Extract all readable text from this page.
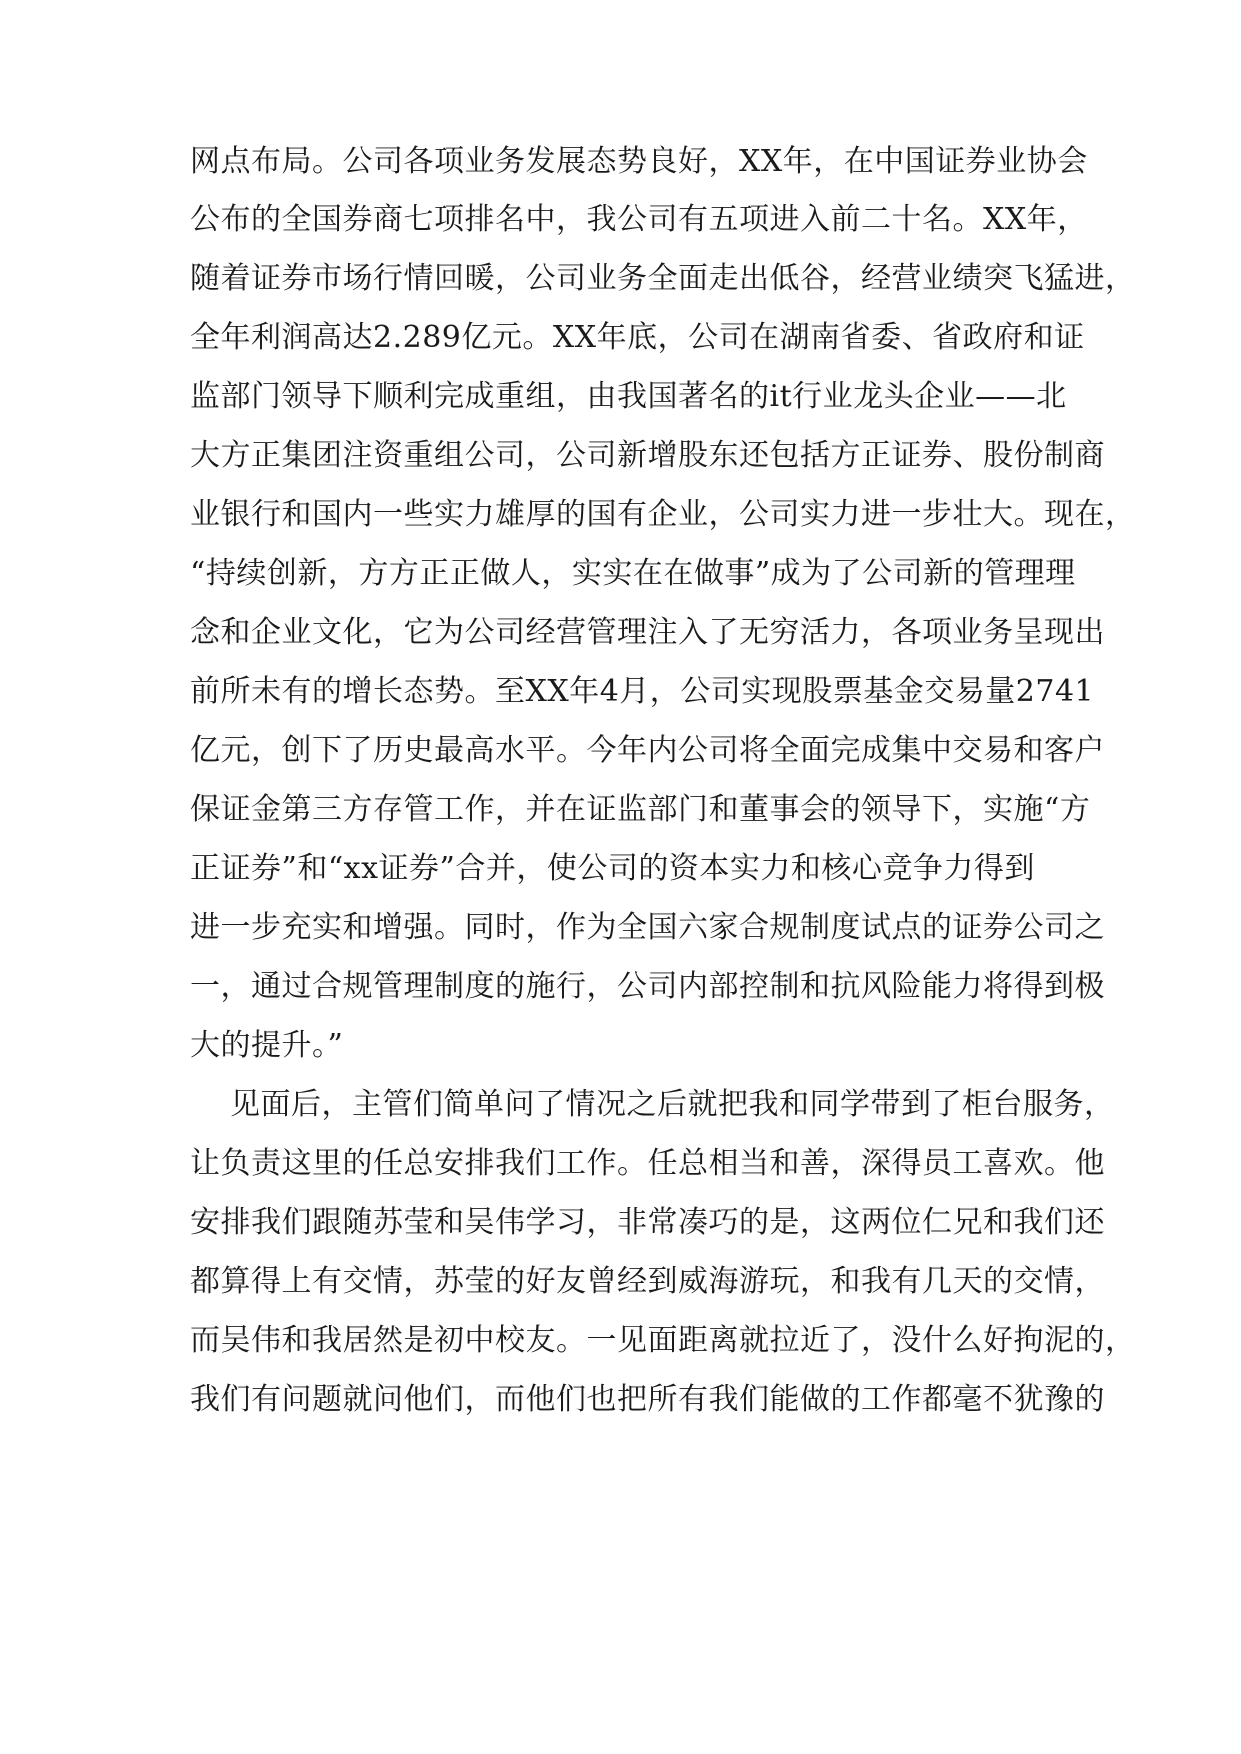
网点布局。公司各项业务发展态势良好，XX年，在中国证券业协会
公布的全国券商七项排名中，我公司有五项进入前二十名。XX年，
随着证券市场行情回暖，公司业务全面走出低谷，经营业绩突飞猛进，
全年利润高达2.289亿元。XX年底，公司在湖南省委、省政府和证
监部门领导下顺利完成重组，由我国著名的it行业龙头企业——北
大方正集团注资重组公司，公司新增股东还包括方正证券、股份制商
业银行和国内一些实力雄厚的国有企业，公司实力进一步壮大。现在，
“持续创新，方方正正做人，实实在在做事”成为了公司新的管理理
念和企业文化，它为公司经营管理注入了无穷活力，各项业务呈现出
前所未有的增长态势。至XX年4月，公司实现股票基金交易量2741
亿元，创下了历史最高水平。今年内公司将全面完成集中交易和客户
保证金第三方存管工作，并在证监部门和董事会的领导下，实施“方
正证券”和“xx证券”合并，使公司的资本实力和核心竞争力得到
进一步充实和增强。同时，作为全国六家合规制度试点的证券公司之
一，通过合规管理制度的施行，公司内部控制和抗风险能力将得到极
大的提升。”
见面后，主管们简单问了情况之后就把我和同学带到了柜台服务，
让负责这里的任总安排我们工作。任总相当和善，深得员工喜欢。他
安排我们跟随苏莹和吴伟学习，非常凑巧的是，这两位仁兄和我们还
都算得上有交情，苏莹的好友曾经到威海游玩，和我有几天的交情，
而吴伟和我居然是初中校友。一见面距离就拉近了，没什么好拘泥的，
我们有问题就问他们，而他们也把所有我们能做的工作都毫不犹豫的
